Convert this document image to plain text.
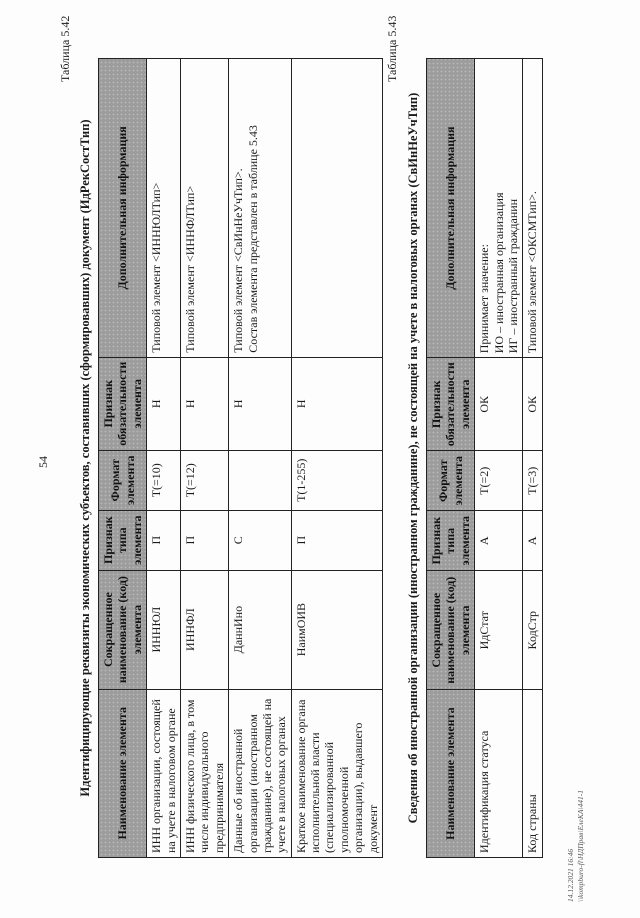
54
Таблица 5.42
Идентифицирующие реквизиты экономических субъектов, составивших (сформировавших) документ (ИдРекСостТип) Наименование элемента	Сокращенное наименование (код) элемента	Признак типа элемента	Формат элемента	Признак обязательности элемента	Дополнительная информация
ИНН организации, состоящей на учете в налоговом органе	ИННЮЛ	П	T(=10)	Н	Типовой элемент <ИННЮЛТип>
ИНН физического лица, в том числе индивидуального предпринимателя	ИННФЛ	П	T(=12)	Н	Типовой элемент <ИННФЛТип>
Данные об иностранной организации (иностранном гражданине), не состоящей на учете в налоговых органах	ДаннИно	С		Н	Типовой элемент <СвИнНеУчТип>.
Состав элемента представлен в таблице 5.43
Краткое наименование органа исполнительной власти (специализированной уполномоченной организации), выдавшего документ	НаимОИВ	П	T(1-255)	Н	
Таблица 5.43
Сведения об иностранной организации (иностранном гражданине), не состоящей на учете в налоговых органах (СвИнНеУчТип) Наименование элемента	Сокращенное наименование (код) элемента	Признак типа элемента	Формат элемента	Признак обязательности элемента	Дополнительная информация
Идентификация статуса	ИдСтат	А	T(=2)	ОК	Принимает значение:
ИО – иностранная организация
ИГ – иностранный гражданин
Код страны	КодСтр	А	T(=3)	ОК	Типовой элемент <ОКСМТип>.
14.12.2021 16:46 \\kompburo-fl\НДПрав\ЕлеКА\441-1
